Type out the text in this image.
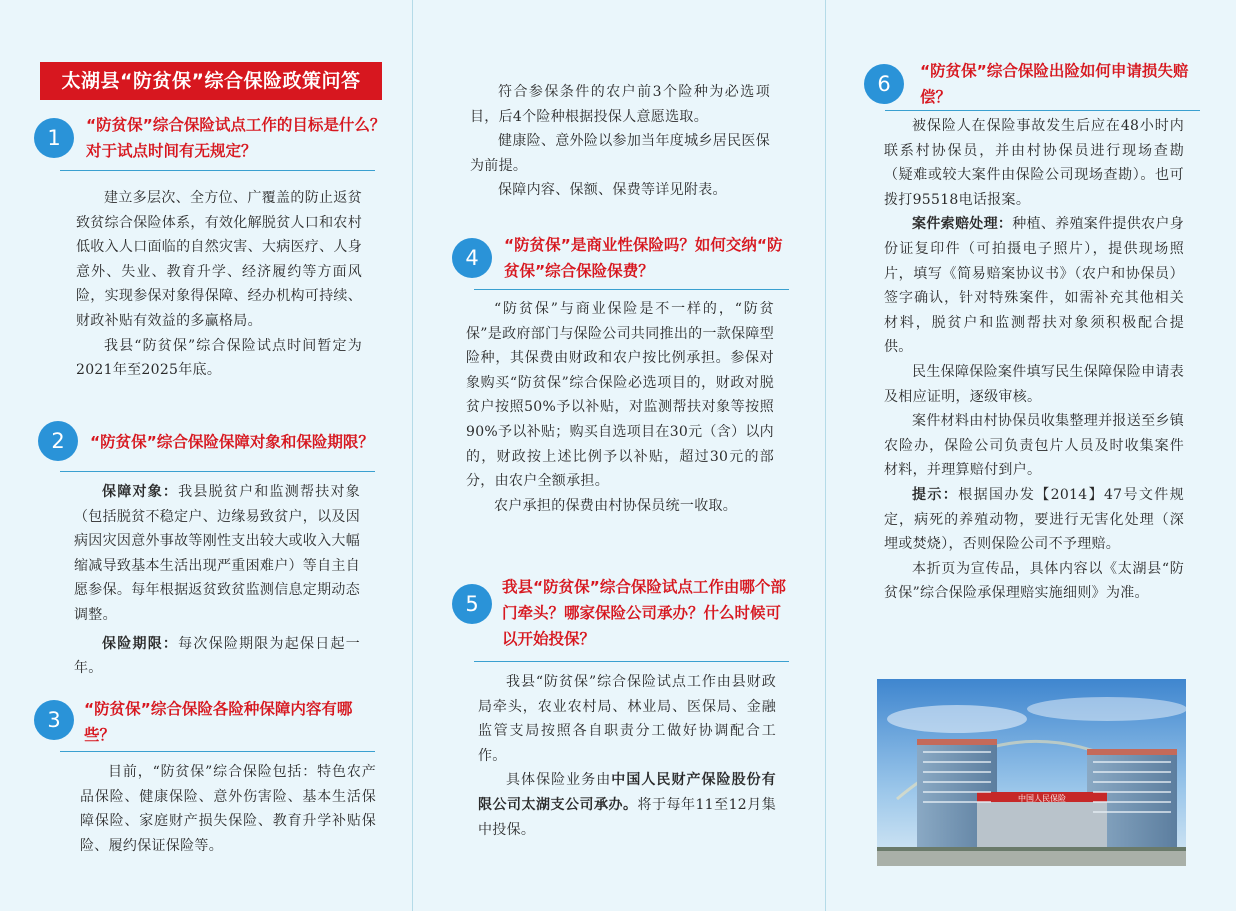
太湖县“防贫保”综合保险政策问答
1
“防贫保”综合保险试点工作的目标是什么？对于试点时间有无规定？

建立多层次、全方位、广覆盖的防止返贫致贫综合保险体系，有效化解脱贫人口和农村低收入人口面临的自然灾害、大病医疗、人身意外、失业、教育升学、经济履约等方面风险，实现参保对象得保障、经办机构可持续、财政补贴有效益的多赢格局。

我县“防贫保”综合保险试点时间暂定为2021年至2025年底。

2	“防贫保”综合保险保障对象和保险期限？

保障对象：我县脱贫户和监测帮扶对象（包括脱贫不稳定户、边缘易致贫户，以及因病因灾因意外事故等刚性支出较大或收入大幅缩减导致基本生活出现严重困难户）等自主自愿参保。每年根据返贫致贫监测信息定期动态调整。

保险期限：每次保险期限为起保日起一年。

3	“防贫保”综合保险各险种保障内容有哪些？

目前，“防贫保”综合保险包括：特色农产品保险、健康保险、意外伤害险、基本生活保障保险、家庭财产损失保险、教育升学补贴保险、履约保证保险等。

符合参保条件的农户前3个险种为必选项目，后4个险种根据投保人意愿选取。

健康险、意外险以参加当年度城乡居民医保为前提。

保障内容、保额、保费等详见附表。

4
“防贫保”是商业性保险吗？如何交纳“防贫保”综合保险保费？

“防贫保”与商业保险是不一样的，“防贫保”是政府部门与保险公司共同推出的一款保障型险种，其保费由财政和农户按比例承担。参保对象购买“防贫保”综合保险必选项目的，财政对脱贫户按照50%予以补贴，对监测帮扶对象等按照90%予以补贴；购买自选项目在30元（含）以内的，财政按上述比例予以补贴，超过30元的部分，由农户全额承担。

农户承担的保费由村协保员统一收取。

5
我县“防贫保”综合保险试点工作由哪个部门牵头？哪家保险公司承办？什么时候可以开始投保？

我县“防贫保”综合保险试点工作由县财政局牵头，农业农村局、林业局、医保局、金融监管支局按照各自职责分工做好协调配合工作。

具体保险业务由中国人民财产保险股份有限公司太湖支公司承办。将于每年11至12月集中投保。

6
“防贫保”综合保险出险如何申请损失赔偿？

被保险人在保险事故发生后应在48小时内联系村协保员，并由村协保员进行现场查勘（疑难或较大案件由保险公司现场查勘）。也可拨打95518电话报案。

案件索赔处理：种植、养殖案件提供农户身份证复印件（可拍摄电子照片），提供现场照片，填写《简易赔案协议书》（农户和协保员）签字确认，针对特殊案件，如需补充其他相关材料，脱贫户和监测帮扶对象须积极配合提供。

民生保障保险案件填写民生保障保险申请表及相应证明，逐级审核。

案件材料由村协保员收集整理并报送至乡镇农险办，保险公司负责包片人员及时收集案件材料，并理算赔付到户。

提示：根据国办发【2014】47号文件规定，病死的养殖动物，要进行无害化处理（深埋或焚烧），否则保险公司不予理赔。

本折页为宣传品，具体内容以《太湖县“防贫保”综合保险承保理赔实施细则》为准。

中国人民保险
